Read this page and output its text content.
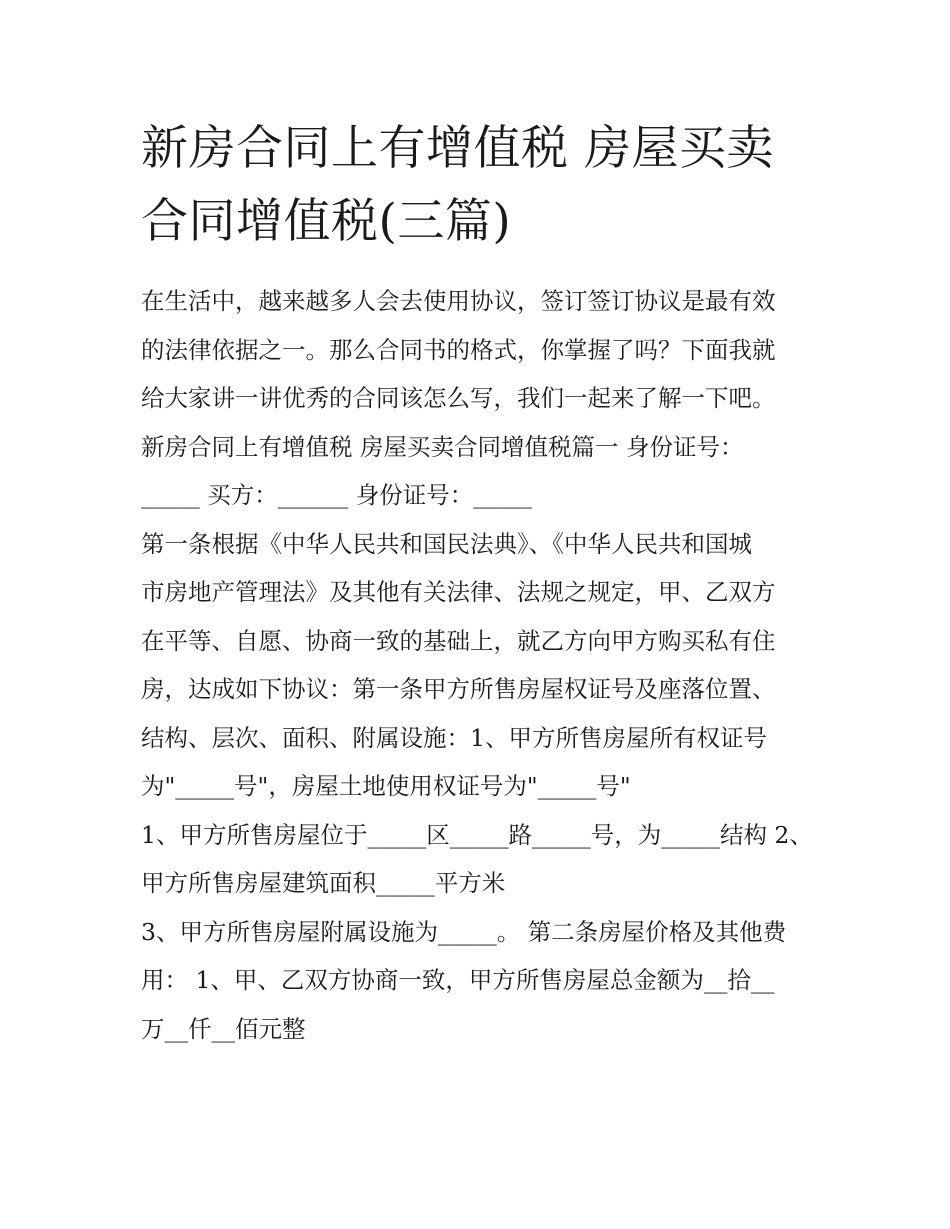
新房合同上有增值税 房屋买卖
合同增值税(三篇)

在生活中，越来越多人会去使用协议，签订签订协议是最有效

的法律依据之一。那么合同书的格式，你掌握了吗？下面我就

给大家讲一讲优秀的合同该怎么写，我们一起来了解一下吧。

新房合同上有增值税 房屋买卖合同增值税篇一 身份证号：

_____ 买方：______ 身份证号：_____

第一条根据《中华人民共和国民法典》、《中华人民共和国城

市房地产管理法》及其他有关法律、法规之规定，甲、乙双方

在平等、自愿、协商一致的基础上，就乙方向甲方购买私有住

房，达成如下协议：第一条甲方所售房屋权证号及座落位置、

结构、层次、面积、附属设施：1、甲方所售房屋所有权证号

为"_____号"，房屋土地使用权证号为"_____号"

1、甲方所售房屋位于_____区_____路_____号，为_____结构 2、

甲方所售房屋建筑面积_____平方米

3、甲方所售房屋附属设施为_____。 第二条房屋价格及其他费

用： 1、甲、乙双方协商一致，甲方所售房屋总金额为__拾__

万__仟__佰元整
